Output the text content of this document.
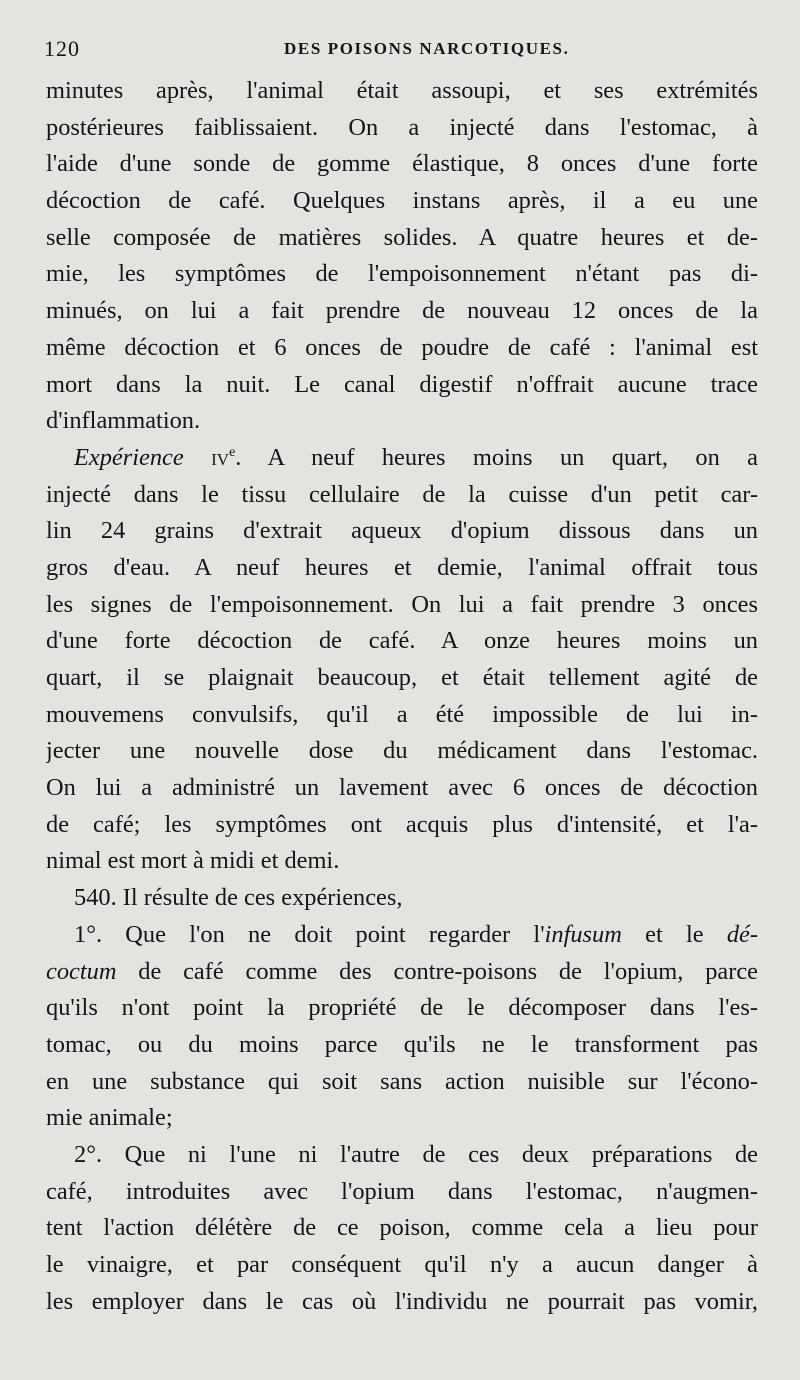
120	DES POISONS NARCOTIQUES.
minutes après, l'animal était assoupi, et ses extrémités
postérieures faiblissaient. On a injecté dans l'estomac, à
l'aide d'une sonde de gomme élastique, 8 onces d'une forte
décoction de café. Quelques instans après, il a eu une
selle composée de matières solides. A quatre heures et de-
mie, les symptômes de l'empoisonnement n'étant pas di-
minués, on lui a fait prendre de nouveau 12 onces de la
même décoction et 6 onces de poudre de café : l'animal est
mort dans la nuit. Le canal digestif n'offrait aucune trace
d'inflammation.
Expérience $iv^e$. A neuf heures moins un quart, on a
injecté dans le tissu cellulaire de la cuisse d'un petit car-
lin 24 grains d'extrait aqueux d'opium dissous dans un
gros d'eau. A neuf heures et demie, l'animal offrait tous
les signes de l'empoisonnement. On lui a fait prendre 3 onces
d'une forte décoction de café. A onze heures moins un
quart, il se plaignait beaucoup, et était tellement agité de
mouvemens convulsifs, qu'il a été impossible de lui in-
jecter une nouvelle dose du médicament dans l'estomac.
On lui a administré un lavement avec 6 onces de décoction
de café; les symptômes ont acquis plus d'intensité, et l'a-
nimal est mort à midi et demi.
540. Il résulte de ces expériences,
1°. Que l'on ne doit point regarder l'infusum et le dé-
coctum de café comme des contre-poisons de l'opium, parce
qu'ils n'ont point la propriété de le décomposer dans l'es-
tomac, ou du moins parce qu'ils ne le transforment pas
en une substance qui soit sans action nuisible sur l'écono-
mie animale;
2°. Que ni l'une ni l'autre de ces deux préparations de
café, introduites avec l'opium dans l'estomac, n'augmen-
tent l'action délétère de ce poison, comme cela a lieu pour
le vinaigre, et par conséquent qu'il n'y a aucun danger à
les employer dans le cas où l'individu ne pourrait pas vomir,
